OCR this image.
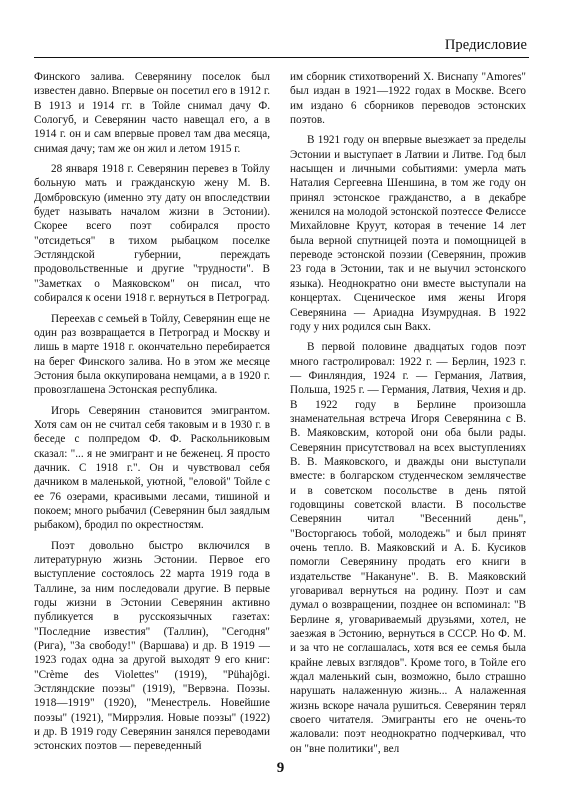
Предисловие

Финского залива. Северянину поселок был известен давно. Впервые он посетил его в 1912 г. В 1913 и 1914 гг. в Тойле снимал дачу Ф. Сологуб, и Северянин часто навещал его, а в 1914 г. он и сам впервые провел там два месяца, снимая дачу; там же он жил и летом 1915 г.

28 января 1918 г. Северянин перевез в Тойлу больную мать и гражданскую жену М. В. Домбровскую (именно эту дату он впоследствии будет называть началом жизни в Эстонии). Скорее всего поэт собирался просто "отсидеться" в тихом рыбацком поселке Эстляндской губернии, переждать продовольственные и другие "трудности". В "Заметках о Маяковском" он писал, что собирался к осени 1918 г. вернуться в Петроград.

Переехав с семьей в Тойлу, Северянин еще не один раз возвращается в Петроград и Москву и лишь в марте 1918 г. окончательно перебирается на берег Финского залива. Но в этом же месяце Эстония была оккупирована немцами, а в 1920 г. провозглашена Эстонская республика.

Игорь Северянин становится эмигрантом. Хотя сам он не считал себя таковым и в 1930 г. в беседе с полпредом Ф. Ф. Раскольниковым сказал: "... я не эмигрант и не беженец. Я просто дачник. С 1918 г.". Он и чувствовал себя дачником в маленькой, уютной, "еловой" Тойле с ее 76 озерами, красивыми лесами, тишиной и покоем; много рыбачил (Северянин был заядлым рыбаком), бродил по окрестностям.

Поэт довольно быстро включился в литературную жизнь Эстонии. Первое его выступление состоялось 22 марта 1919 года в Таллине, за ним последовали другие. В первые годы жизни в Эстонии Северянин активно публикуется в русскоязычных газетах: "Последние известия" (Таллин), "Сегодня" (Рига), "За свободу!" (Варшава) и др. В 1919 — 1923 годах одна за другой выходят 9 его книг: "Crème des Violettes" (1919), "Pühajõgi. Эстляндские поэзы" (1919), "Вервэна. Поэзы. 1918—1919" (1920), "Менестрель. Новейшие поэзы" (1921), "Миррэлия. Новые поэзы" (1922) и др. В 1919 году Северянин занялся переводами эстонских поэтов — переведенный

им сборник стихотворений Х. Виснапу "Amores" был издан в 1921—1922 годах в Москве. Всего им издано 6 сборников переводов эстонских поэтов.

В 1921 году он впервые выезжает за пределы Эстонии и выступает в Латвии и Литве. Год был насыщен и личными событиями: умерла мать Наталия Сергеевна Шеншина, в том же году он принял эстонское гражданство, а в декабре женился на молодой эстонской поэтессе Фелиссе Михайловне Круут, которая в течение 14 лет была верной спутницей поэта и помощницей в переводе эстонской поэзии (Северянин, прожив 23 года в Эстонии, так и не выучил эстонского языка). Неоднократно они вместе выступали на концертах. Сценическое имя жены Игоря Северянина — Ариадна Изумрудная. В 1922 году у них родился сын Вакх.

В первой половине двадцатых годов поэт много гастролировал: 1922 г. — Берлин, 1923 г. — Финляндия, 1924 г. — Германия, Латвия, Польша, 1925 г. — Германия, Латвия, Чехия и др. В 1922 году в Берлине произошла знаменательная встреча Игоря Северянина с В. В. Маяковским, которой они оба были рады. Северянин присутствовал на всех выступлениях В. В. Маяковского, и дважды они выступали вместе: в болгарском студенческом землячестве и в советском посольстве в день пятой годовщины советской власти. В посольстве Северянин читал "Весенний день", "Восторгаюсь тобой, молодежь" и был принят очень тепло. В. Маяковский и А. Б. Кусиков помогли Северянину продать его книги в издательстве "Накануне". В. В. Маяковский уговаривал вернуться на родину. Поэт и сам думал о возвращении, позднее он вспоминал: "В Берлине я, уговариваемый друзьями, хотел, не заезжая в Эстонию, вернуться в СССР. Но Ф. М. и за что не соглашалась, хотя вся ее семья была крайне левых взглядов". Кроме того, в Тойле его ждал маленький сын, возможно, было страшно нарушать налаженную жизнь... А налаженная жизнь вскоре начала рушиться. Северянин терял своего читателя. Эмигранты его не очень-то жаловали: поэт неоднократно подчеркивал, что он "вне политики", вел

9
